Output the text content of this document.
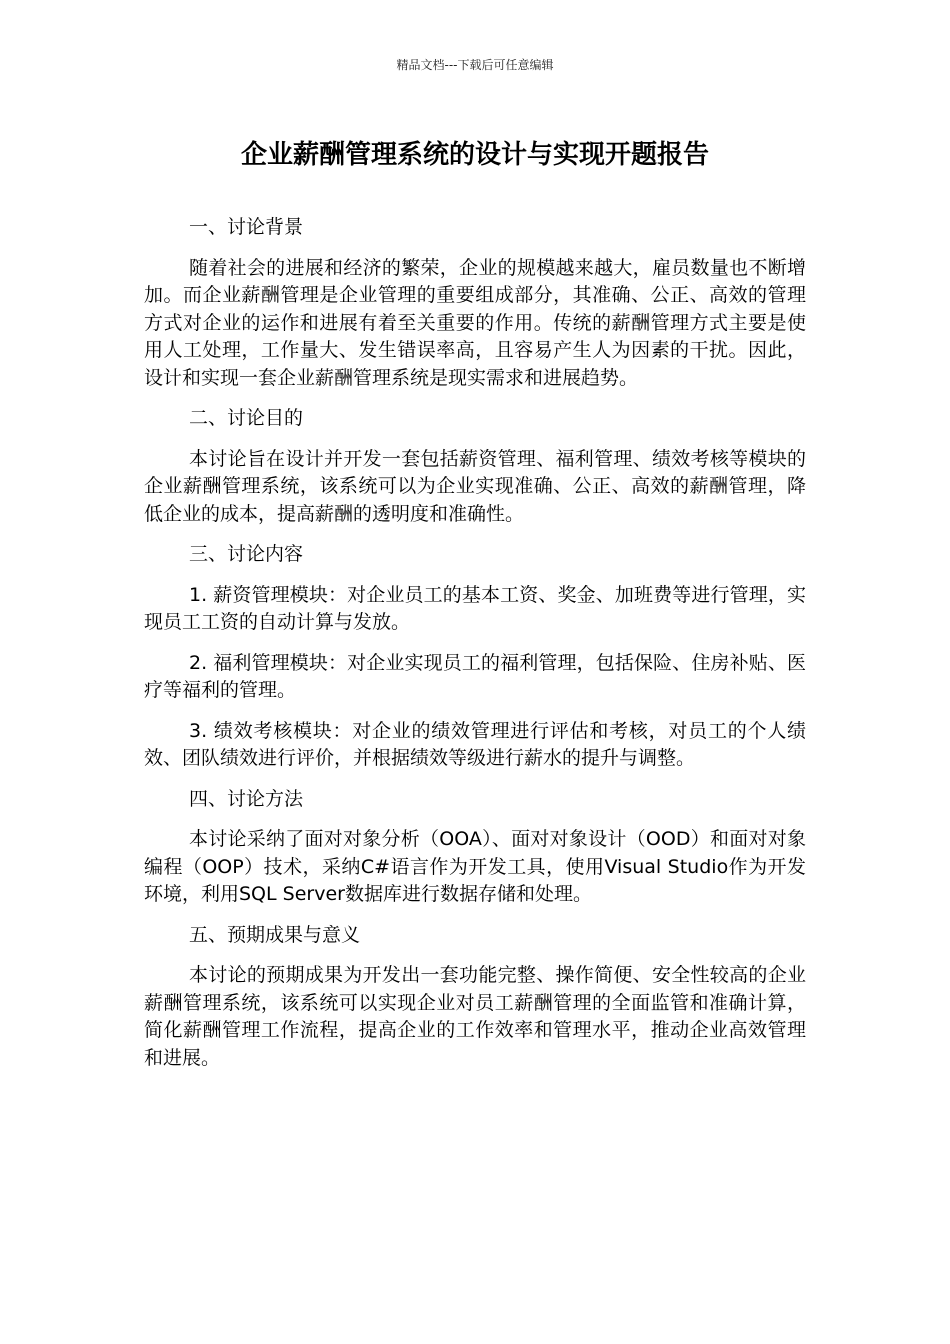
精品文档---下载后可任意编辑
企业薪酬管理系统的设计与实现开题报告

一、讨论背景

随着社会的进展和经济的繁荣，企业的规模越来越大，雇员数量也不断增加。而企业薪酬管理是企业管理的重要组成部分，其准确、公正、高效的管理方式对企业的运作和进展有着至关重要的作用。传统的薪酬管理方式主要是使用人工处理，工作量大、发生错误率高，且容易产生人为因素的干扰。因此，设计和实现一套企业薪酬管理系统是现实需求和进展趋势。

二、讨论目的

本讨论旨在设计并开发一套包括薪资管理、福利管理、绩效考核等模块的企业薪酬管理系统，该系统可以为企业实现准确、公正、高效的薪酬管理，降低企业的成本，提高薪酬的透明度和准确性。

三、讨论内容

1. 薪资管理模块：对企业员工的基本工资、奖金、加班费等进行管理，实现员工工资的自动计算与发放。

2. 福利管理模块：对企业实现员工的福利管理，包括保险、住房补贴、医疗等福利的管理。

3. 绩效考核模块：对企业的绩效管理进行评估和考核，对员工的个人绩效、团队绩效进行评价，并根据绩效等级进行薪水的提升与调整。

四、讨论方法

本讨论采纳了面对对象分析（OOA）、面对对象设计（OOD）和面对对象编程（OOP）技术，采纳C#语言作为开发工具，使用Visual Studio作为开发环境，利用SQL Server数据库进行数据存储和处理。

五、预期成果与意义

本讨论的预期成果为开发出一套功能完整、操作简便、安全性较高的企业薪酬管理系统，该系统可以实现企业对员工薪酬管理的全面监管和准确计算，简化薪酬管理工作流程，提高企业的工作效率和管理水平，推动企业高效管理和进展。
